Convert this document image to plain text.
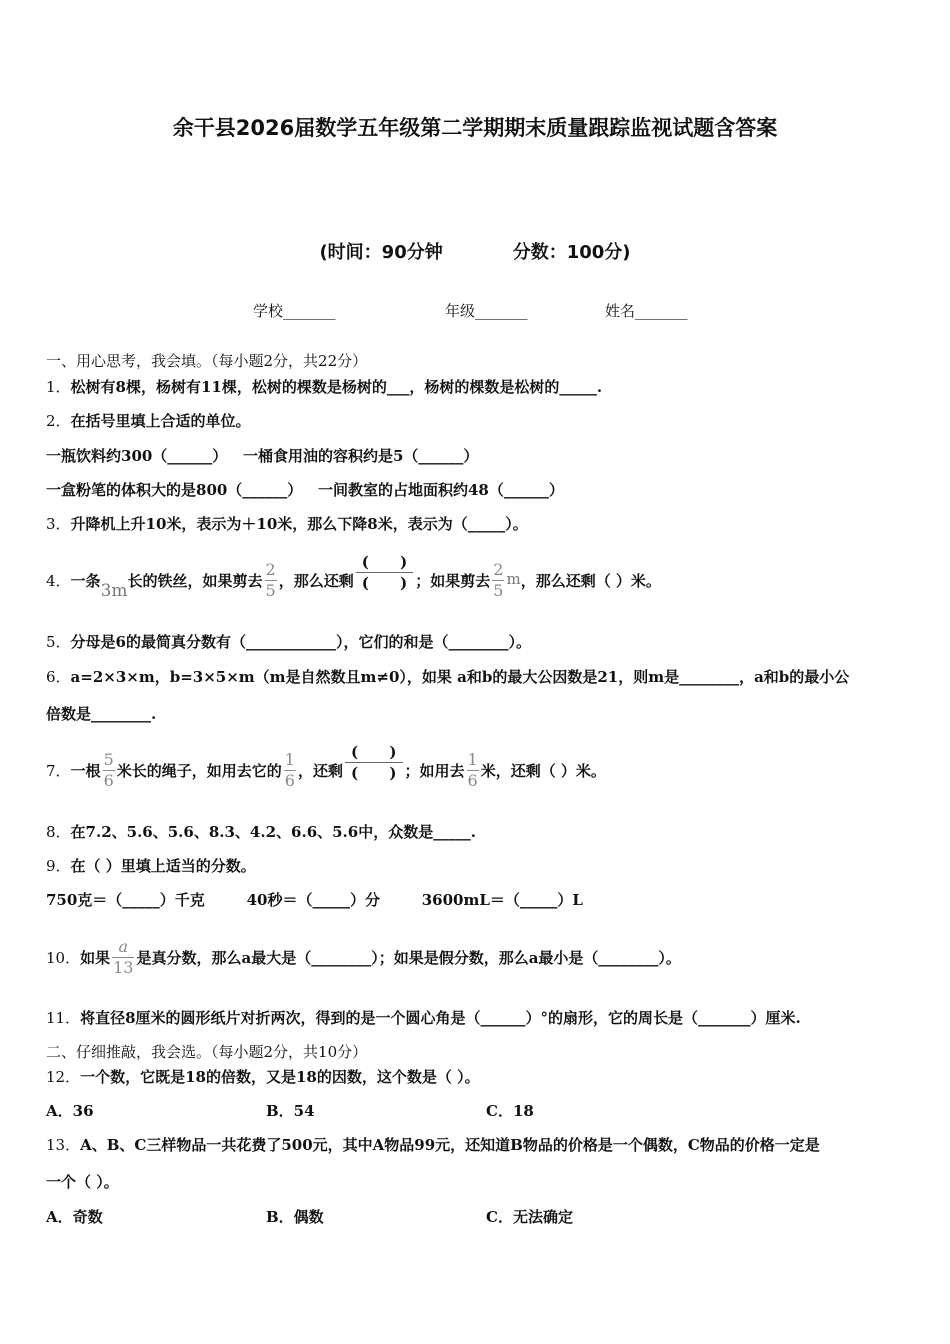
余干县2026届数学五年级第二学期期末质量跟踪监视试题含答案
(时间：90分钟	分数：100分)
学校_______	年级_______	姓名_______
一、用心思考，我会填。（每小题2分，共22分）
1．松树有8棵，杨树有11棵，松树的棵数是杨树的___，杨树的棵数是松树的_____.
2．在括号里填上合适的单位。
一瓶饮料约300（______）   一桶食用油的容积约是5（______）
一盒粉笔的体积大的是800（______）   一间教室的占地面积约48（______）
3．升降机上升10米，表示为＋10米，那么下降8米，表示为（_____）。
4． 一条 3m 长的铁丝，如果剪去 $\frac{2}{5}$ ，那么还剩 $\frac{( )}{( )}$ ；如果剪去 $\frac{2}{5}$ m ，那么还剩（ ）米。
5．分母是6的最简真分数有（____________），它们的和是（________）。
6．a=2×3×m，b=3×5×m（m是自然数且m≠0），如果 a和b的最大公因数是21，则m是________，a和b的最小公
倍数是________.
7． 一根 $\frac{5}{6}$ 米长的绳子，如用去它的 $\frac{1}{6}$ ，还剩 $\frac{( )}{( )}$ ；如用去 $\frac{1}{6}$ 米，还剩（ ）米。
8．在7.2、5.6、5.6、8.3、4.2、6.6、5.6中，众数是_____.
9．在（ ）里填上适当的分数。
750克＝（_____）千克        40秒＝（_____）分        3600mL＝（_____）L
10． 如果 $\frac{a}{13}$ 是真分数，那么a最大是（________）；如果是假分数，那么a最小是（________）。
11．将直径8厘米的圆形纸片对折两次，得到的是一个圆心角是（______）°的扇形，它的周长是（_______）厘米.
二、仔细推敲，我会选。（每小题2分，共10分）
12．一个数，它既是18的倍数，又是18的因数，这个数是（ ）。
A．36	B．54	C．18
13．A、B、C三样物品一共花费了500元，其中A物品99元，还知道B物品的价格是一个偶数，C物品的价格一定是
一个（ ）。
A．奇数	B．偶数	C．无法确定
